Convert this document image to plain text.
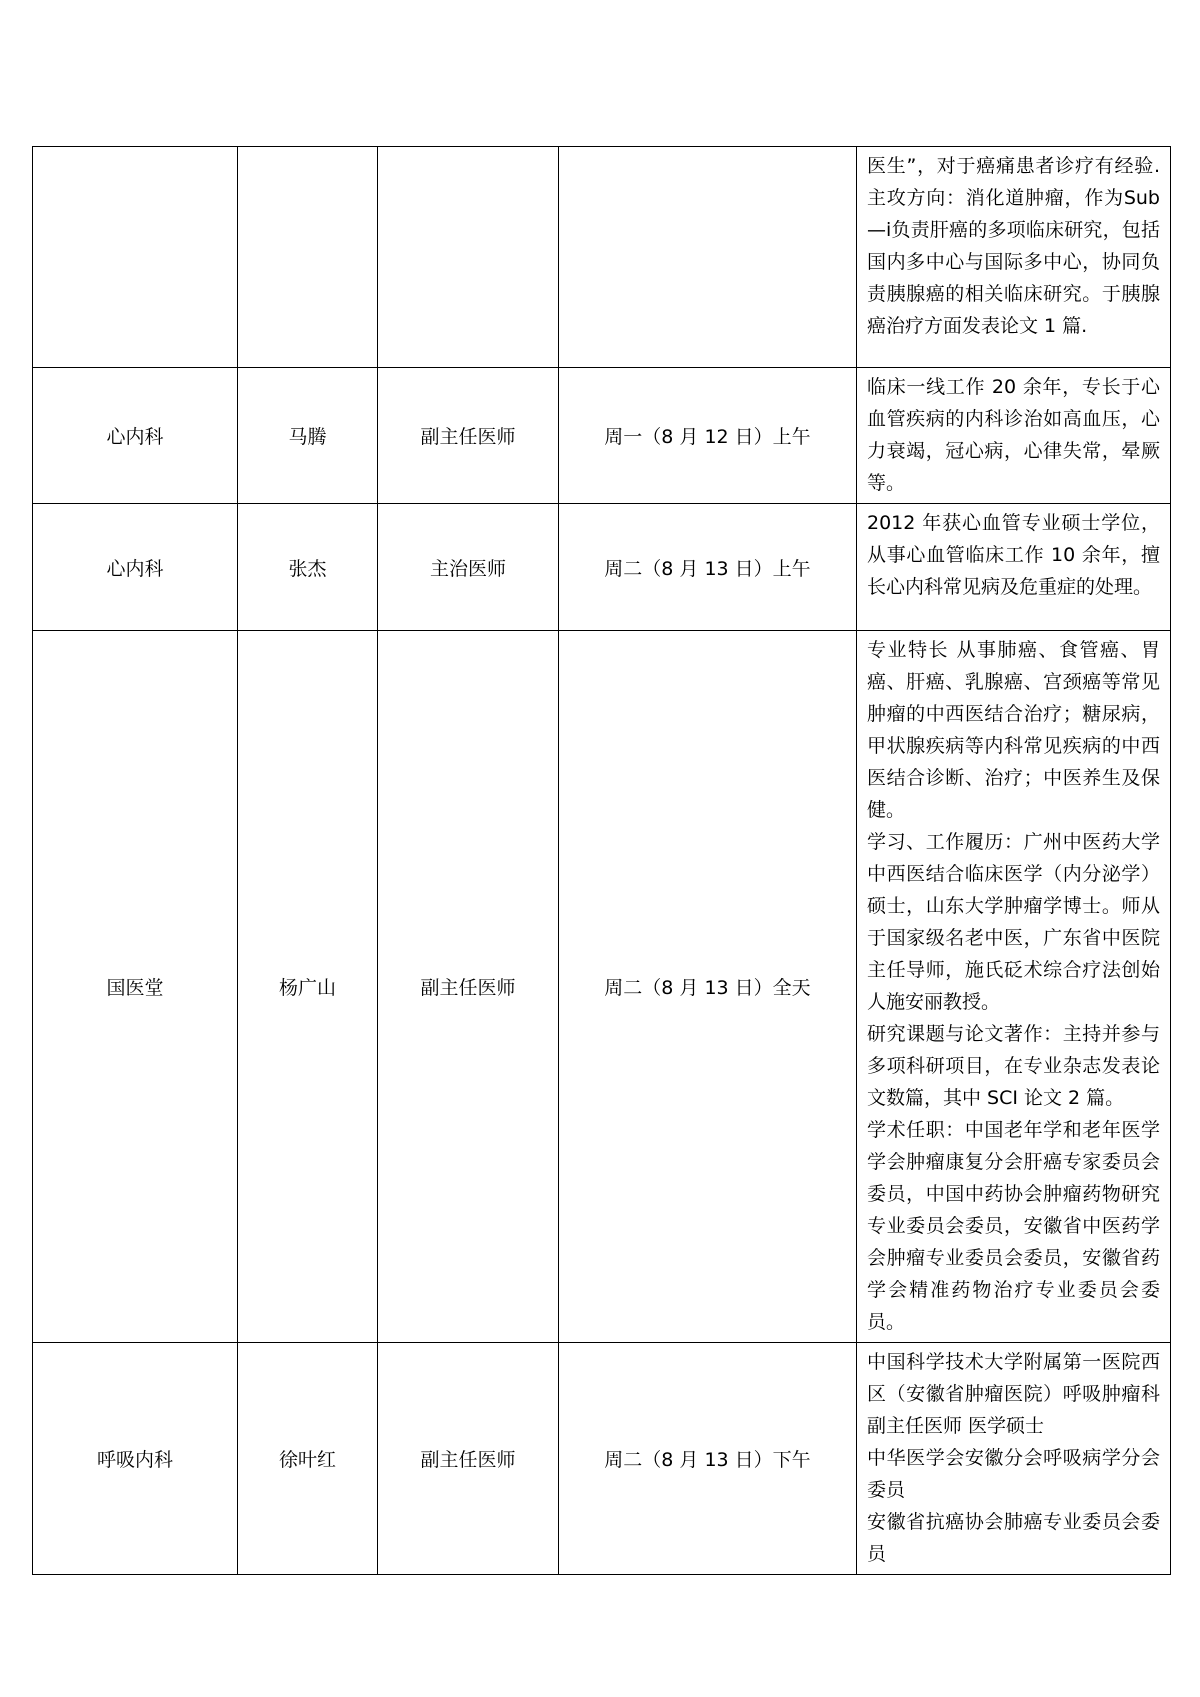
				医生”，对于癌痛患者诊疗有经验. 主攻方向：消化道肿瘤，作为Sub—i负责肝癌的多项临床研究，包括国内多中心与国际多中心，协同负责胰腺癌的相关临床研究。于胰腺癌治疗方面发表论文 1 篇.

心内科	马腾	副主任医师	周一（8 月 12 日）上午	临床一线工作 20 余年，专长于心血管疾病的内科诊治如高血压，心力衰竭，冠心病，心律失常，晕厥等。

心内科	张杰	主治医师	周二（8 月 13 日）上午	2012 年获心血管专业硕士学位，从事心血管临床工作 10 余年，擅长心内科常见病及危重症的处理。

国医堂	杨广山	副主任医师	周二（8 月 13 日）全天	专业特长 从事肺癌、食管癌、胃癌、肝癌、乳腺癌、宫颈癌等常见肿瘤的中西医结合治疗；糖尿病，甲状腺疾病等内科常见疾病的中西医结合诊断、治疗；中医养生及保健。

学习、工作履历：广州中医药大学中西医结合临床医学（内分泌学）硕士，山东大学肿瘤学博士。师从于国家级名老中医，广东省中医院主任导师，施氏砭术综合疗法创始人施安丽教授。

研究课题与论文著作：主持并参与多项科研项目，在专业杂志发表论文数篇，其中 SCI 论文 2 篇。

学术任职：中国老年学和老年医学学会肿瘤康复分会肝癌专家委员会委员，中国中药协会肿瘤药物研究专业委员会委员，安徽省中医药学会肿瘤专业委员会委员，安徽省药学会精准药物治疗专业委员会委员。

呼吸内科	徐叶红	副主任医师	周二（8 月 13 日）下午	中国科学技术大学附属第一医院西区（安徽省肿瘤医院）呼吸肿瘤科 副主任医师 医学硕士

中华医学会安徽分会呼吸病学分会委员

安徽省抗癌协会肺癌专业委员会委员
